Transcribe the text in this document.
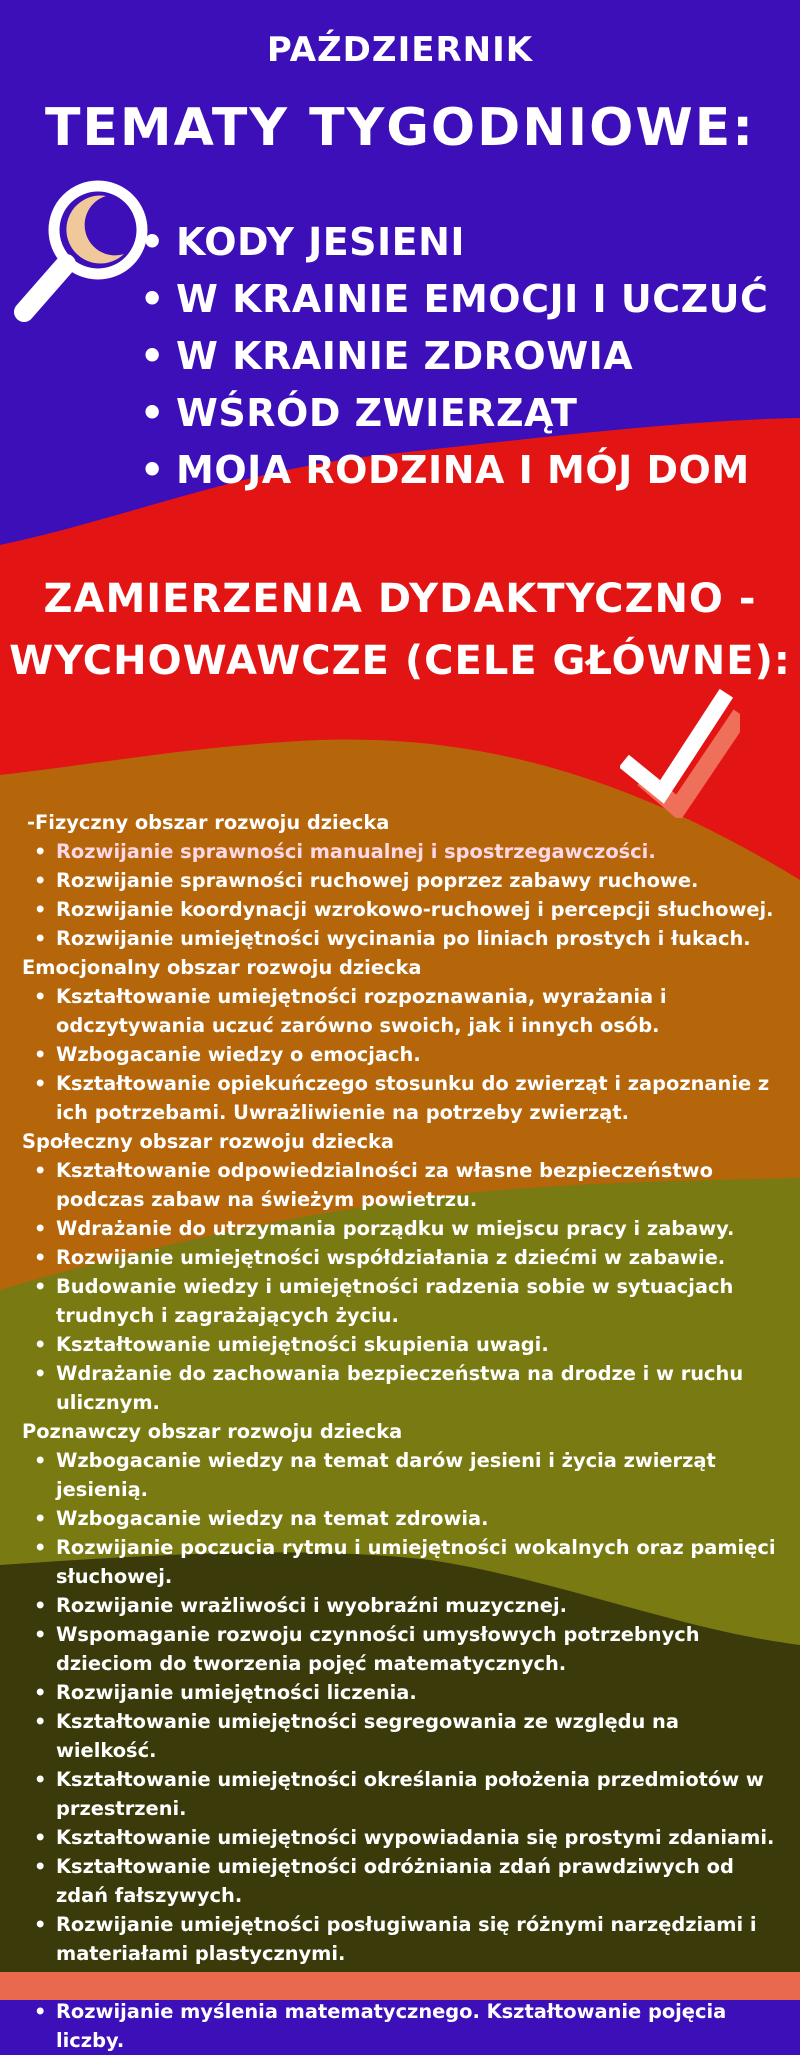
PAŹDZIERNIK
TEMATY TYGODNIOWE:
• KODY JESIENI
• W KRAINIE EMOCJI I UCZUĆ
• W KRAINIE ZDROWIA
• WŚRÓD ZWIERZĄT
• MOJA RODZINA I MÓJ DOM
ZAMIERZENIA DYDAKTYCZNO -
WYCHOWAWCZE (CELE GŁÓWNE):
-Fizyczny obszar rozwoju dziecka
• Rozwijanie sprawności manualnej i spostrzegawczości.
• Rozwijanie sprawności ruchowej poprzez zabawy ruchowe.
• Rozwijanie koordynacji wzrokowo-ruchowej i percepcji słuchowej.
• Rozwijanie umiejętności wycinania po liniach prostych i łukach.
Emocjonalny obszar rozwoju dziecka
• Kształtowanie umiejętności rozpoznawania, wyrażania i odczytywania uczuć zarówno swoich, jak i innych osób.
• Wzbogacanie wiedzy o emocjach.
• Kształtowanie opiekuńczego stosunku do zwierząt i zapoznanie z ich potrzebami. Uwrażliwienie na potrzeby zwierząt.
Społeczny obszar rozwoju dziecka
• Kształtowanie odpowiedzialności za własne bezpieczeństwo podczas zabaw na świeżym powietrzu.
• Wdrażanie do utrzymania porządku w miejscu pracy i zabawy.
• Rozwijanie umiejętności współdziałania z dziećmi w zabawie.
• Budowanie wiedzy i umiejętności radzenia sobie w sytuacjach trudnych i zagrażających życiu.
• Kształtowanie umiejętności skupienia uwagi.
• Wdrażanie do zachowania bezpieczeństwa na drodze i w ruchu ulicznym.
Poznawczy obszar rozwoju dziecka
• Wzbogacanie wiedzy na temat darów jesieni i życia zwierząt jesienią.
• Wzbogacanie wiedzy na temat zdrowia.
• Rozwijanie poczucia rytmu i umiejętności wokalnych oraz pamięci słuchowej.
• Rozwijanie wrażliwości i wyobraźni muzycznej.
• Wspomaganie rozwoju czynności umysłowych potrzebnych dzieciom do tworzenia pojęć matematycznych.
• Rozwijanie umiejętności liczenia.
• Kształtowanie umiejętności segregowania ze względu na wielkość.
• Kształtowanie umiejętności określania położenia przedmiotów w przestrzeni.
• Kształtowanie umiejętności wypowiadania się prostymi zdaniami.
• Kształtowanie umiejętności odróżniania zdań prawdziwych od zdań fałszywych.
• Rozwijanie umiejętności posługiwania się różnymi narzędziami i materiałami plastycznymi.
•
• Rozwijanie myślenia matematycznego. Kształtowanie pojęcia liczby.
